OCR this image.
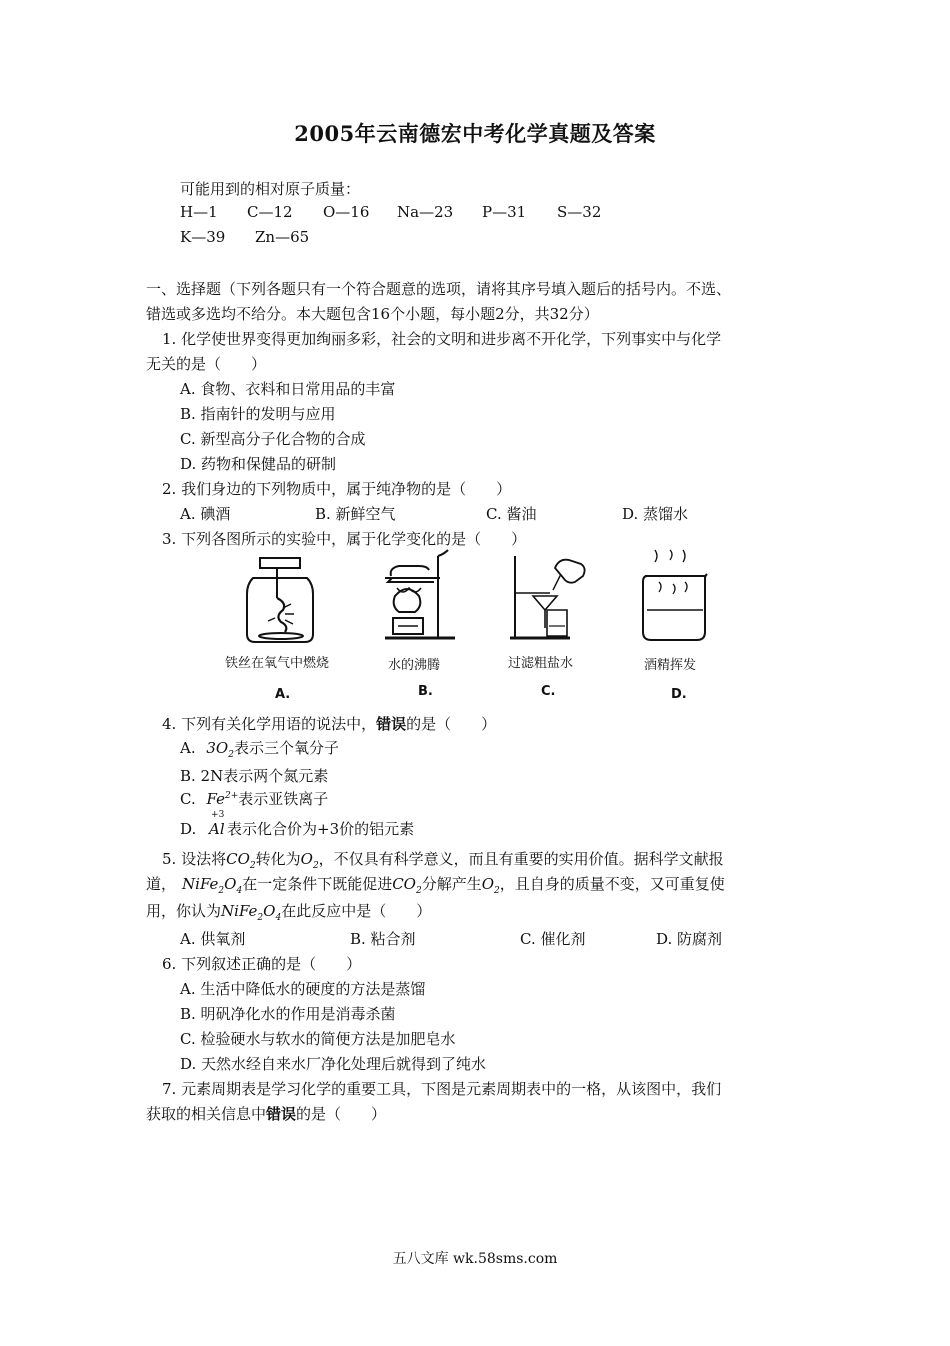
2005年云南德宏中考化学真题及答案
可能用到的相对原子质量：
H—1 C—12 O—16 Na—23 P—31 S—32
K—39 Zn—65
一、选择题（下列各题只有一个符合题意的选项，请将其序号填入题后的括号内。不选、
错选或多选均不给分。本大题包含16个小题，每小题2分，共32分）
1. 化学使世界变得更加绚丽多彩，社会的文明和进步离不开化学，下列事实中与化学
无关的是（　　）
A. 食物、衣料和日常用品的丰富
B. 指南针的发明与应用
C. 新型高分子化合物的合成
D. 药物和保健品的研制
2. 我们身边的下列物质中，属于纯净物的是（　　）
A. 碘酒	B. 新鲜空气	C. 酱油	D. 蒸馏水
3. 下列各图所示的实验中，属于化学变化的是（　　）
铁丝在氧气中燃烧	水的沸腾	过滤粗盐水	酒精挥发
A.	B.	C.	D.
4. 下列有关化学用语的说法中，错误的是（　　）
A. $3O_2$表示三个氧分子
B. 2N表示两个氮元素
C. $Fe^{2+}$表示亚铁离子
D.
+3
Al 表示化合价为+3价的铝元素
5. 设法将$CO_2$转化为$O_2$，不仅具有科学意义，而且有重要的实用价值。据科学文献报
道， $NiFe_2O_4$在一定条件下既能促进$CO_2$分解产生$O_2$，且自身的质量不变，又可重复使
用，你认为$NiFe_2O_4$在此反应中是（　　）
A. 供氧剂	B. 粘合剂	C. 催化剂	D. 防腐剂
6. 下列叙述正确的是（　　）
A. 生活中降低水的硬度的方法是蒸馏
B. 明矾净化水的作用是消毒杀菌
C. 检验硬水与软水的简便方法是加肥皂水
D. 天然水经自来水厂净化处理后就得到了纯水
7. 元素周期表是学习化学的重要工具，下图是元素周期表中的一格，从该图中，我们
获取的相关信息中错误的是（　　）
五八文库 wk.58sms.com
